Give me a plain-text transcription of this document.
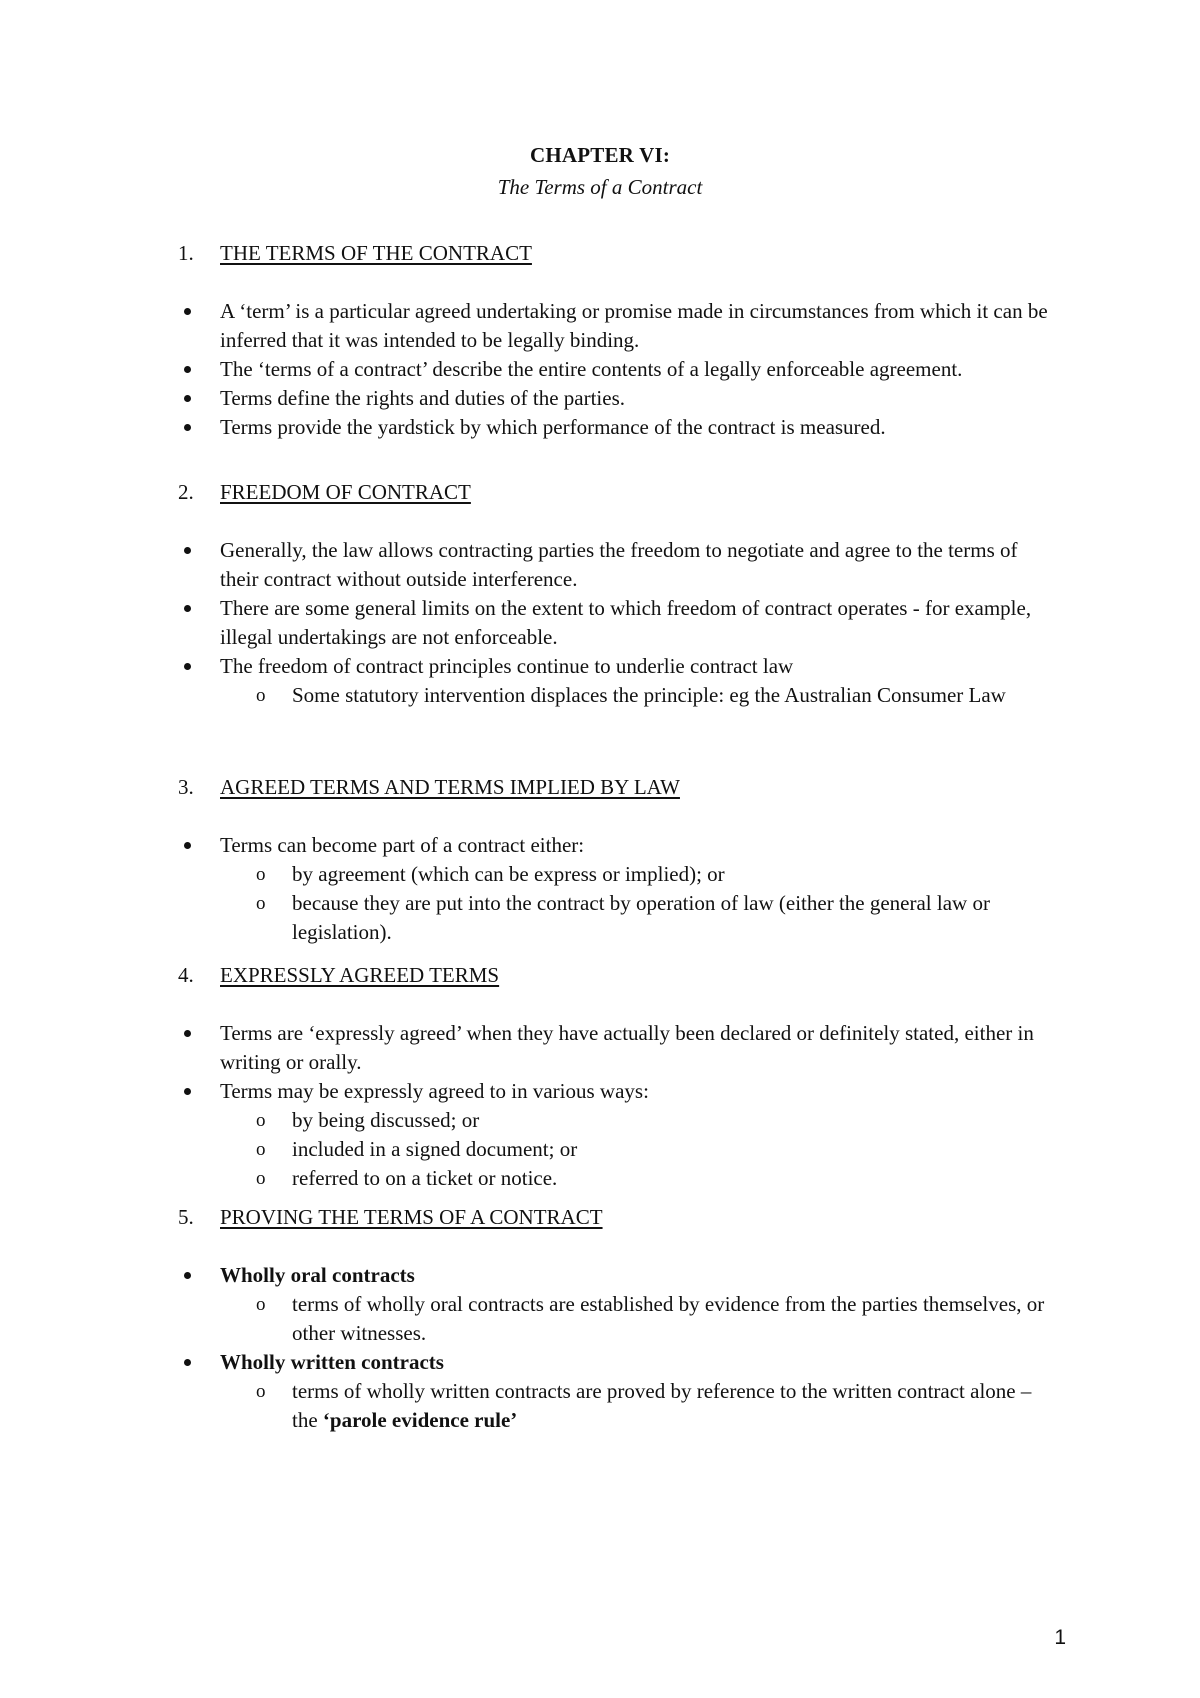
CHAPTER VI:
The Terms of a Contract
1.	THE TERMS OF THE CONTRACT
A ‘term’ is a particular agreed undertaking or promise made in circumstances from which it can be inferred that it was intended to be legally binding.
The ‘terms of a contract’ describe the entire contents of a legally enforceable agreement.
Terms define the rights and duties of the parties.
Terms provide the yardstick by which performance of the contract is measured.
2.	FREEDOM OF CONTRACT
Generally, the law allows contracting parties the freedom to negotiate and agree to the terms of their contract without outside interference.
There are some general limits on the extent to which freedom of contract operates - for example, illegal undertakings are not enforceable.
The freedom of contract principles continue to underlie contract law
o Some statutory intervention displaces the principle: eg the Australian Consumer Law
3.	AGREED TERMS AND TERMS IMPLIED BY LAW
Terms can become part of a contract either:
o by agreement (which can be express or implied); or
o because they are put into the contract by operation of law (either the general law or legislation).
4.	EXPRESSLY AGREED TERMS
Terms are ‘expressly agreed’ when they have actually been declared or definitely stated, either in writing or orally.
Terms may be expressly agreed to in various ways:
o by being discussed; or
o included in a signed document; or
o referred to on a ticket or notice.
5.	PROVING THE TERMS OF A CONTRACT
Wholly oral contracts
o terms of wholly oral contracts are established by evidence from the parties themselves, or other witnesses.
Wholly written contracts
o terms of wholly written contracts are proved by reference to the written contract alone – the ‘parole evidence rule’
1
